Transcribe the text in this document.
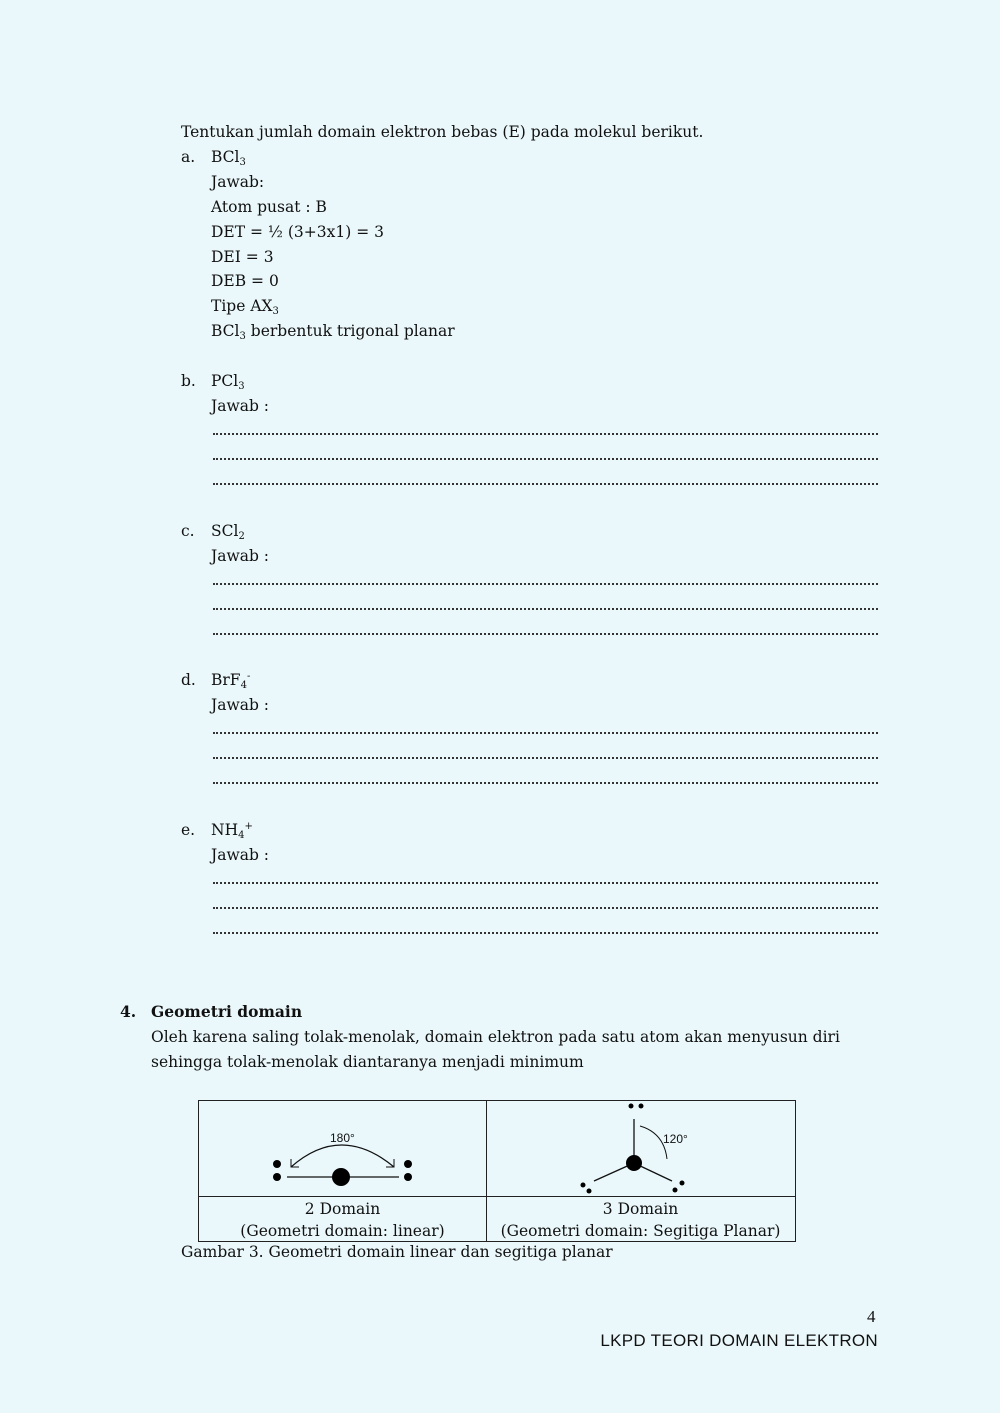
Tentukan jumlah domain elektron bebas (E) pada molekul berikut.
a. BCl$_3$
Jawab:
Atom pusat : B
DET = ½ (3+3x1) = 3
DEI = 3
DEB = 0
Tipe $AX_3$
BCl$_3$ berbentuk trigonal planar
b. PCl$_3$
Jawab :
c. SCl$_2$
Jawab :
d. BrF$_4$-
Jawab :
e. $NH_4^+$
Jawab :
4. Geometri domain
Oleh karena saling tolak-menolak, domain elektron pada satu atom akan menyusun diri
sehingga tolak-menolak diantaranya menjadi minimum
180°	120°
2 Domain
(Geometri domain: linear)
3 Domain
(Geometri domain: Segitiga Planar)
Gambar 3. Geometri domain linear dan segitiga planar
4
LKPD TEORI DOMAIN ELEKTRON
